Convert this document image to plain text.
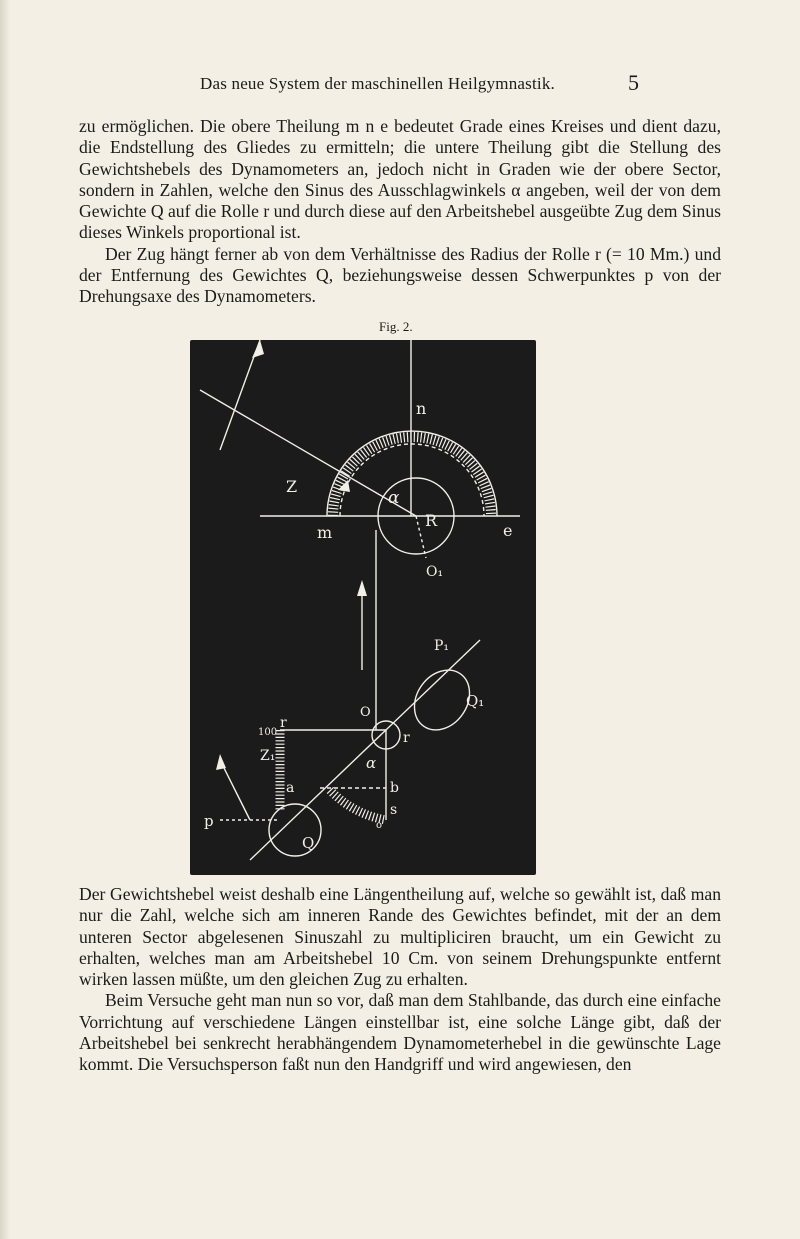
Das neue System der maschinellen Heilgymnastik.	5

zu ermöglichen. Die obere Theilung m n e bedeutet Grade eines Kreises und dient dazu, die Endstellung des Gliedes zu ermitteln; die untere Theilung gibt die Stellung des Gewichtshebels des Dynamometers an, jedoch nicht in Graden wie der obere Sector, sondern in Zahlen, welche den Sinus des Ausschlagwinkels α angeben, weil der von dem Gewichte Q auf die Rolle r und durch diese auf den Arbeitshebel ausgeübte Zug dem Sinus dieses Winkels proportional ist.

Der Zug hängt ferner ab von dem Verhältnisse des Radius der Rolle r (= 10 Mm.) und der Entfernung des Gewichtes Q, beziehungsweise dessen Schwerpunktes p von der Drehungsaxe des Dynamometers.

Fig. 2.
n
Z
α
m
R
e
O₁
P₁
Q₁
O
r
100
r
Z₁	α
a	b
s
o
p
Q

Der Gewichtshebel weist deshalb eine Längentheilung auf, welche so gewählt ist, daß man nur die Zahl, welche sich am inneren Rande des Gewichtes befindet, mit der an dem unteren Sector abgelesenen Sinuszahl zu multipliciren braucht, um ein Gewicht zu erhalten, welches man am Arbeitshebel 10 Cm. von seinem Drehungspunkte entfernt wirken lassen müßte, um den gleichen Zug zu erhalten.

Beim Versuche geht man nun so vor, daß man dem Stahlbande, das durch eine einfache Vorrichtung auf verschiedene Längen einstellbar ist, eine solche Länge gibt, daß der Arbeitshebel bei senkrecht herabhängendem Dynamometerhebel in die gewünschte Lage kommt. Die Versuchsperson faßt nun den Handgriff und wird angewiesen, den
